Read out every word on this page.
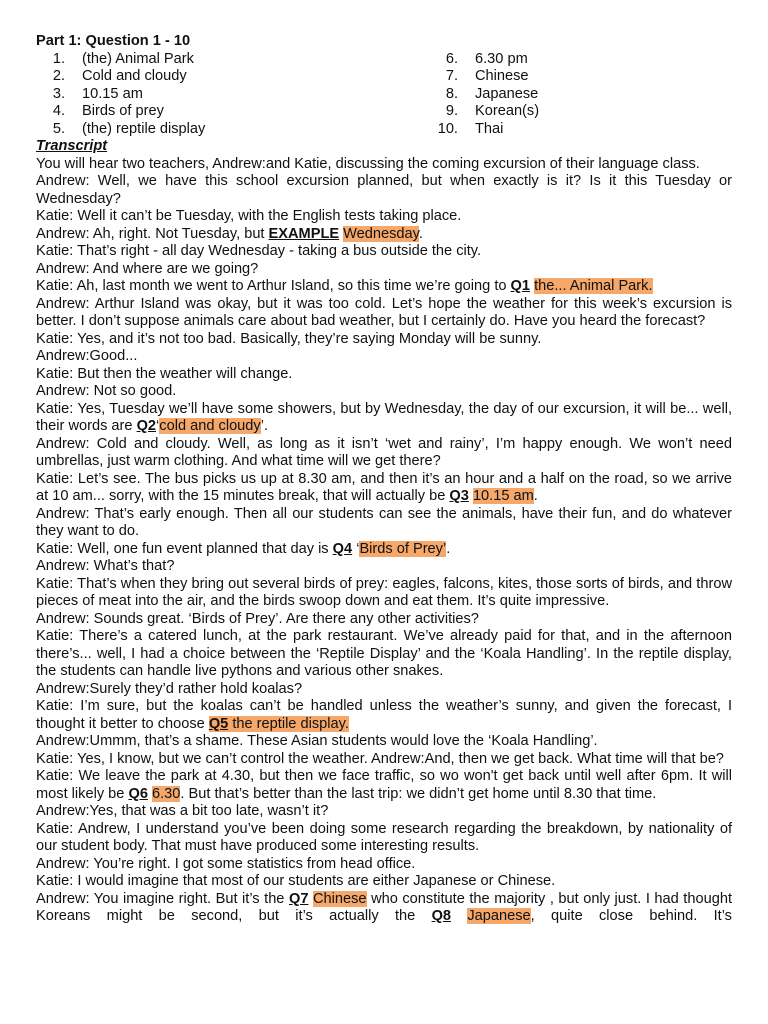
Part 1: Question 1 - 10
1. (the) Animal Park
2. Cold and cloudy
3. 10.15 am
4. Birds of prey
5. (the) reptile display
6. 6.30 pm
7. Chinese
8. Japanese
9. Korean(s)
10. Thai
Transcript

You will hear two teachers, Andrew:and Katie, discussing the coming excursion of their language class.

Andrew: Well, we have this school excursion planned, but when exactly is it? Is it this Tuesday or Wednesday?

Katie: Well it can’t be Tuesday, with the English tests taking place.

Andrew: Ah, right. Not Tuesday, but EXAMPLE Wednesday.

Katie: That’s right - all day Wednesday - taking a bus outside the city.

Andrew: And where are we going?

Katie: Ah, last month we went to Arthur Island, so this time we’re going to Q1 the... Animal Park.

Andrew: Arthur Island was okay, but it was too cold. Let’s hope the weather for this week’s excursion is better. I don’t suppose animals care about bad weather, but I certainly do. Have you heard the forecast?

Katie: Yes, and it’s not too bad. Basically, they’re saying Monday will be sunny.

Andrew:Good...

Katie: But then the weather will change.

Andrew: Not so good.

Katie: Yes, Tuesday we’ll have some showers, but by Wednesday, the day of our excursion, it will be... well, their words are Q2‘cold and cloudy’.

Andrew: Cold and cloudy. Well, as long as it isn’t ‘wet and rainy’, I’m happy enough. We won’t need umbrellas, just warm clothing. And what time will we get there?

Katie: Let’s see. The bus picks us up at 8.30 am, and then it’s an hour and a half on the road, so we arrive at 10 am... sorry, with the 15 minutes break, that will actually be Q3 10.15 am.

Andrew: That’s early enough. Then all our students can see the animals, have their fun, and do whatever they want to do.

Katie: Well, one fun event planned that day is Q4 ‘Birds of Prey’.

Andrew: What’s that?

Katie: That’s when they bring out several birds of prey: eagles, falcons, kites, those sorts of birds, and throw pieces of meat into the air, and the birds swoop down and eat them. It’s quite impressive.

Andrew: Sounds great. ‘Birds of Prey’. Are there any other activities?

Katie: There’s a catered lunch, at the park restaurant. We’ve already paid for that, and in the afternoon there’s... well, I had a choice between the ‘Reptile Display’ and the ‘Koala Handling’. In the reptile display, the students can handle live pythons and various other snakes.

Andrew:Surely they’d rather hold koalas?

Katie: I’m sure, but the koalas can’t be handled unless the weather’s sunny, and given the forecast, I thought it better to choose Q5 the reptile display.

Andrew:Ummm, that’s a shame. These Asian students would love the ‘Koala Handling’.

Katie: Yes, I know, but we can’t control the weather. Andrew:And, then we get back. What time will that be?

Katie: We leave the park at 4.30, but then we face traffic, so wo won't get back until well after 6pm. It will most likely be Q6 6.30. But that’s better than the last trip: we didn’t get home until 8.30 that time.

Andrew:Yes, that was a bit too late, wasn’t it?

Katie: Andrew, I understand you’ve been doing some research regarding the breakdown, by nationality of our student body. That must have produced some interesting results.

Andrew: You’re right. I got some statistics from head office.

Katie: I would imagine that most of our students are either Japanese or Chinese.

Andrew: You imagine right. But it’s the Q7 Chinese who constitute the majority , but only just. I had thought Koreans might be second, but it’s actually the Q8 Japanese, quite close behind. It’s
